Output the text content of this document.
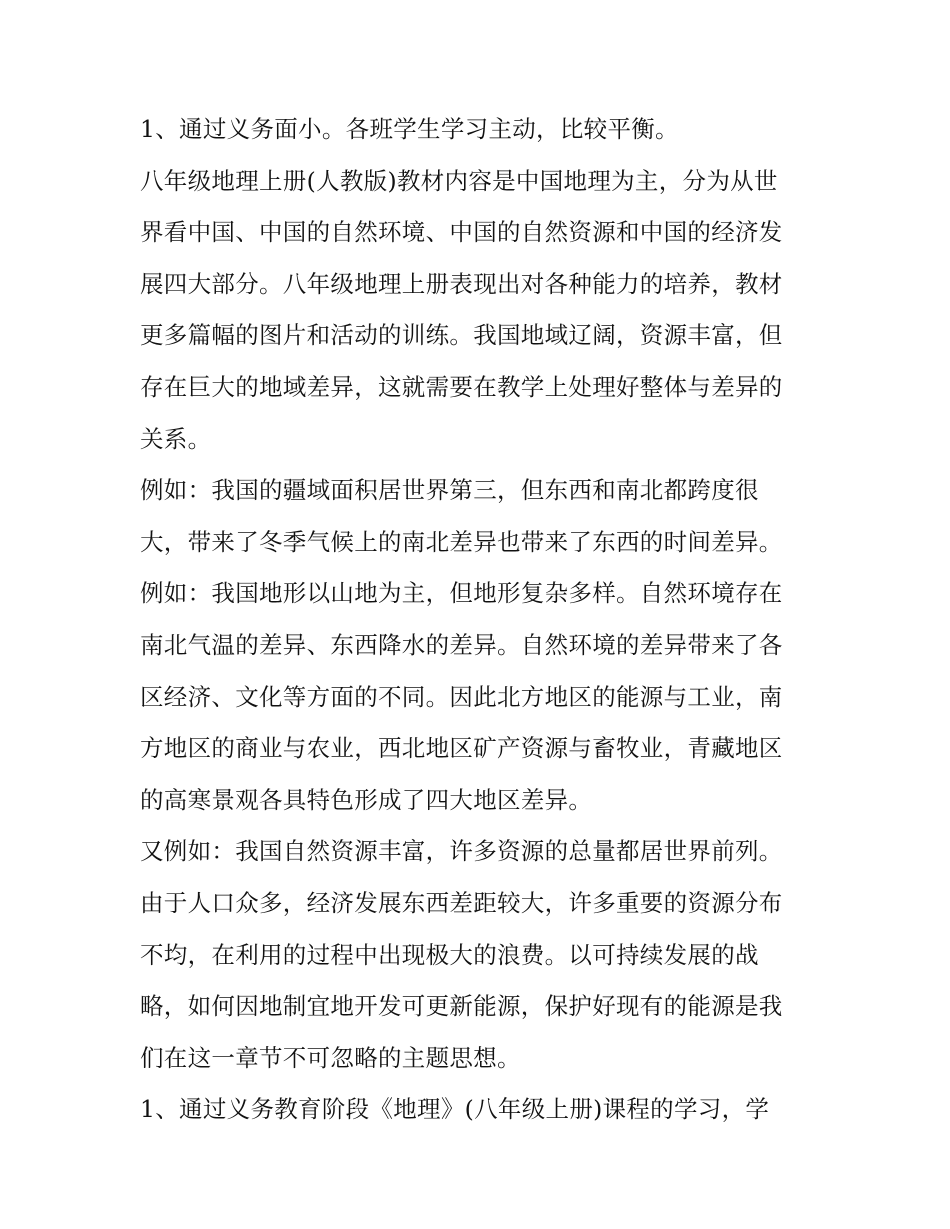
1、通过义务面小。各班学生学习主动，比较平衡。
八年级地理上册(人教版)教材内容是中国地理为主，分为从世
界看中国、中国的自然环境、中国的自然资源和中国的经济发
展四大部分。八年级地理上册表现出对各种能力的培养，教材
更多篇幅的图片和活动的训练。我国地域辽阔，资源丰富，但
存在巨大的地域差异，这就需要在教学上处理好整体与差异的
关系。
例如：我国的疆域面积居世界第三，但东西和南北都跨度很
大，带来了冬季气候上的南北差异也带来了东西的时间差异。
例如：我国地形以山地为主，但地形复杂多样。自然环境存在
南北气温的差异、东西降水的差异。自然环境的差异带来了各
区经济、文化等方面的不同。因此北方地区的能源与工业，南
方地区的商业与农业，西北地区矿产资源与畜牧业，青藏地区
的高寒景观各具特色形成了四大地区差异。
又例如：我国自然资源丰富，许多资源的总量都居世界前列。
由于人口众多，经济发展东西差距较大，许多重要的资源分布
不均，在利用的过程中出现极大的浪费。以可持续发展的战
略，如何因地制宜地开发可更新能源，保护好现有的能源是我
们在这一章节不可忽略的主题思想。
1、通过义务教育阶段《地理》(八年级上册)课程的学习，学
